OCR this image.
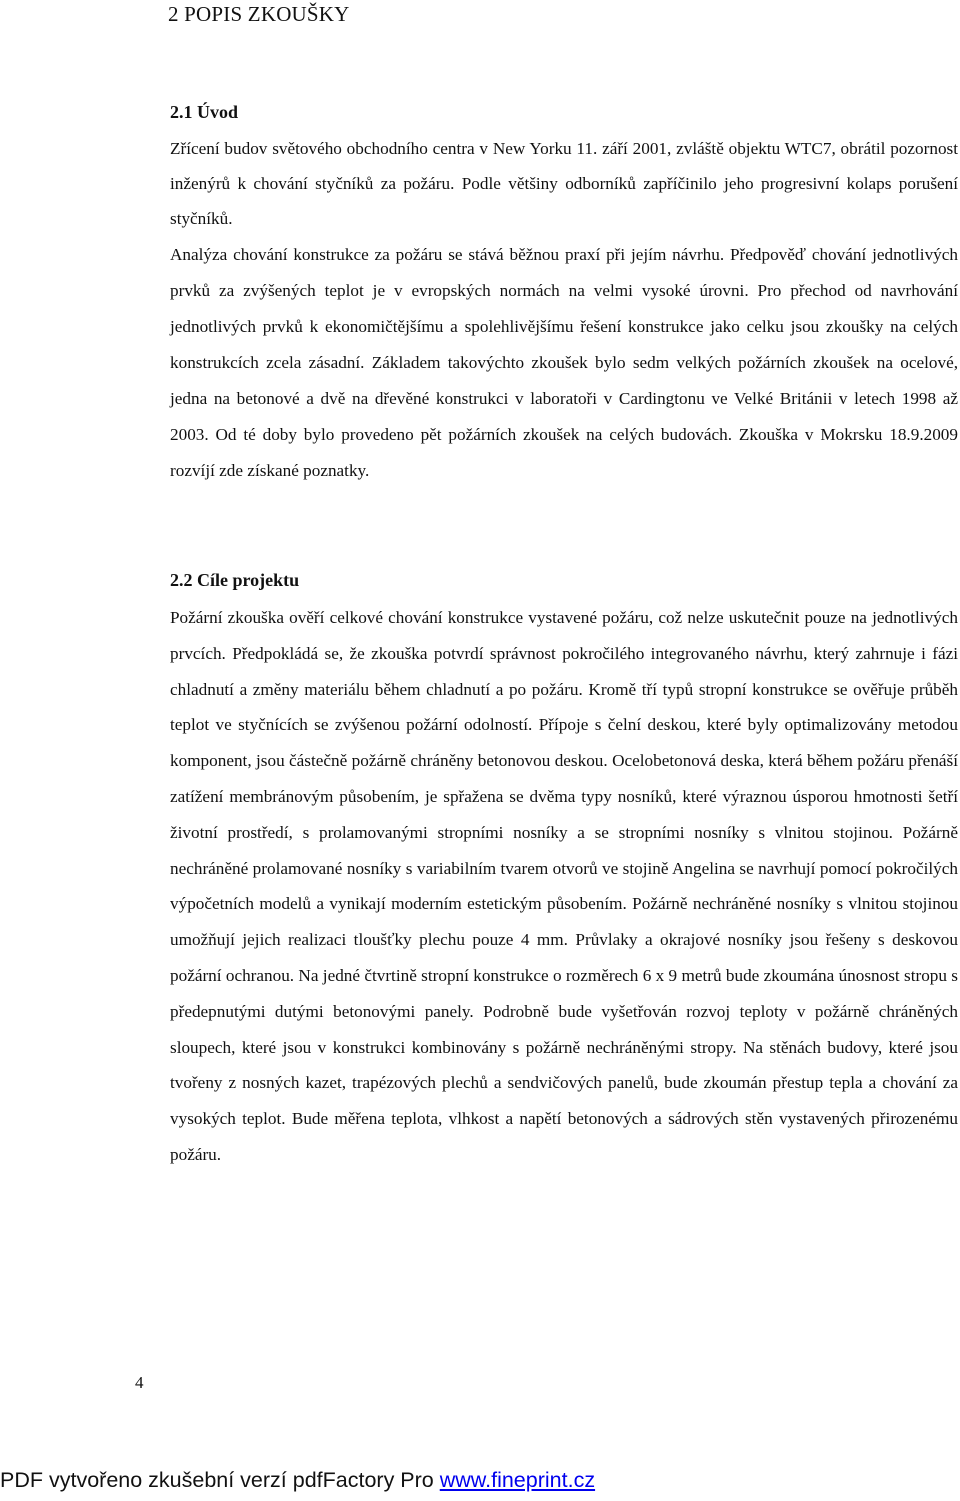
2 POPIS ZKOUŠKY
2.1 Úvod

Zřícení budov světového obchodního centra v New Yorku 11. září 2001, zvláště objektu WTC7, obrátil pozornost inženýrů k chování styčníků za požáru. Podle většiny odborníků zapříčinilo jeho progresivní kolaps porušení styčníků.

Analýza chování konstrukce za požáru se stává běžnou praxí při jejím návrhu. Předpověď chování jednotlivých prvků za zvýšených teplot je v evropských normách na velmi vysoké úrovni. Pro přechod od navrhování jednotlivých prvků k ekonomičtějšímu a spolehlivějšímu řešení konstrukce jako celku jsou zkoušky na celých konstrukcích zcela zásadní. Základem takovýchto zkoušek bylo sedm velkých požárních zkoušek na ocelové, jedna na betonové a dvě na dřevěné konstrukci v laboratoři v Cardingtonu ve Velké Británii v letech 1998 až 2003. Od té doby bylo provedeno pět požárních zkoušek na celých budovách. Zkouška v Mokrsku 18.9.2009 rozvíjí zde získané poznatky.

2.2 Cíle projektu

Požární zkouška ověří celkové chování konstrukce vystavené požáru, což nelze uskutečnit pouze na jednotlivých prvcích. Předpokládá se, že zkouška potvrdí správnost pokročilého integrovaného návrhu, který zahrnuje i fázi chladnutí a změny materiálu během chladnutí a po požáru. Kromě tří typů stropní konstrukce se ověřuje průběh teplot ve styčnících se zvýšenou požární odolností. Přípoje s čelní deskou, které byly optimalizovány metodou komponent, jsou částečně požárně chráněny betonovou deskou. Ocelobetonová deska, která během požáru přenáší zatížení membránovým působením, je spřažena se dvěma typy nosníků, které výraznou úsporou hmotnosti šetří životní prostředí, s prolamovanými stropními nosníky a se stropními nosníky s vlnitou stojinou. Požárně nechráněné prolamované nosníky s variabilním tvarem otvorů ve stojině Angelina se navrhují pomocí pokročilých výpočetních modelů a vynikají moderním estetickým působením. Požárně nechráněné nosníky s vlnitou stojinou umožňují jejich realizaci tloušťky plechu pouze 4 mm. Průvlaky a okrajové nosníky jsou řešeny s deskovou požární ochranou. Na jedné čtvrtině stropní konstrukce o rozměrech 6 x 9 metrů bude zkoumána únosnost stropu s předepnutými dutými betonovými panely. Podrobně bude vyšetřován rozvoj teploty v požárně chráněných sloupech, které jsou v konstrukci kombinovány s požárně nechráněnými stropy. Na stěnách budovy, které jsou tvořeny z nosných kazet, trapézových plechů a sendvičových panelů, bude zkoumán přestup tepla a chování za vysokých teplot. Bude měřena teplota, vlhkost a napětí betonových a sádrových stěn vystavených přirozenému požáru.

4
PDF vytvořeno zkušební verzí pdfFactory Pro www.fineprint.cz
